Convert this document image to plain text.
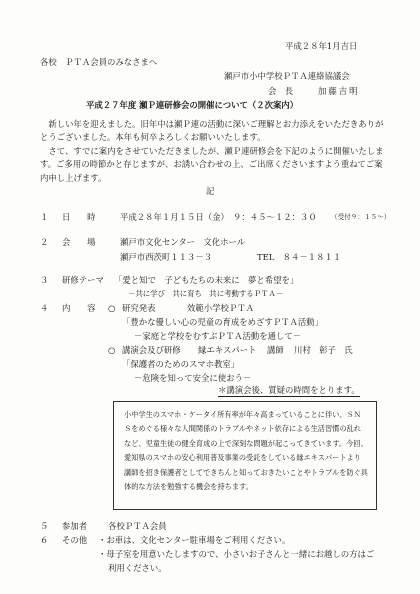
平成２８年1月吉日
各校　ＰＴＡ会員のみなさまへ
瀬戸市小中学校ＰＴＡ連絡協議会
会　長	加藤吉明
平成２７年度 瀬Ｐ連研修会の開催について（２次案内）
新しい年を迎えました。旧年中は瀬Ｐ連の活動に深いご理解とお力添えをいただきありがとうございました。本年も何卒よろしくお願いいたします。
さて、すでに案内をさせていただきましたが、瀬Ｐ連研修会を下記のように開催いたします。ご多用の時節かと存じますが、お誘い合わせの上、ご出席くださいますよう重ねてご案内申し上げます。
記
１ 日　　時	平成２８年１月１５日（金）　９：４５～１２：３０ （受付９：１５～）
２ 会　　場	瀬戸市文化センター　文化ホール
瀬戸市西茨町１１３－３	TEL　８４－１８１１
３ 研修テーマ 「愛と知で　子どもたちの未来に　夢と希望を」
－共に学び　共に育ち　共に考動するＰＴＡ－
４ 内　　容 ○ 研究発表	效範小学校ＰＴＡ
「豊かな優しい心の児童の育成をめざすＰＴＡ活動」
－家庭と学校をむすぶＰＴＡ活動を通して－
○ 講演会及び研修 縁エキスパート 講師 川村　彰子　氏
「保護者のためのスマホ教室」
－危険を知って安全に使おう－
＊講演会後、質疑の時間をとります。
小中学生のスマホ・ケータイ所有率が年々高まっていることに伴い、ＳＮＳをめぐる様々な人間関係のトラブルやネット依存による生活習慣の乱れなど、児童生徒の健全育成の上で深刻な問題が起こってきています。今回、愛知県のスマホの安心利用普及事業の受託をしている縁エキスパートより講師を招き保護者としてできちんと知っておきたいことやトラブルを防ぐ具体的な方法を勉強する機会を持ちます。
５ 参加者 各校ＰＴＡ会員
６ その他 ・お車は、文化センター駐車場をご利用ください。
・母子室を用意いたしますので、小さいお子さんと一緒にお越しの方はご
利用ください。
